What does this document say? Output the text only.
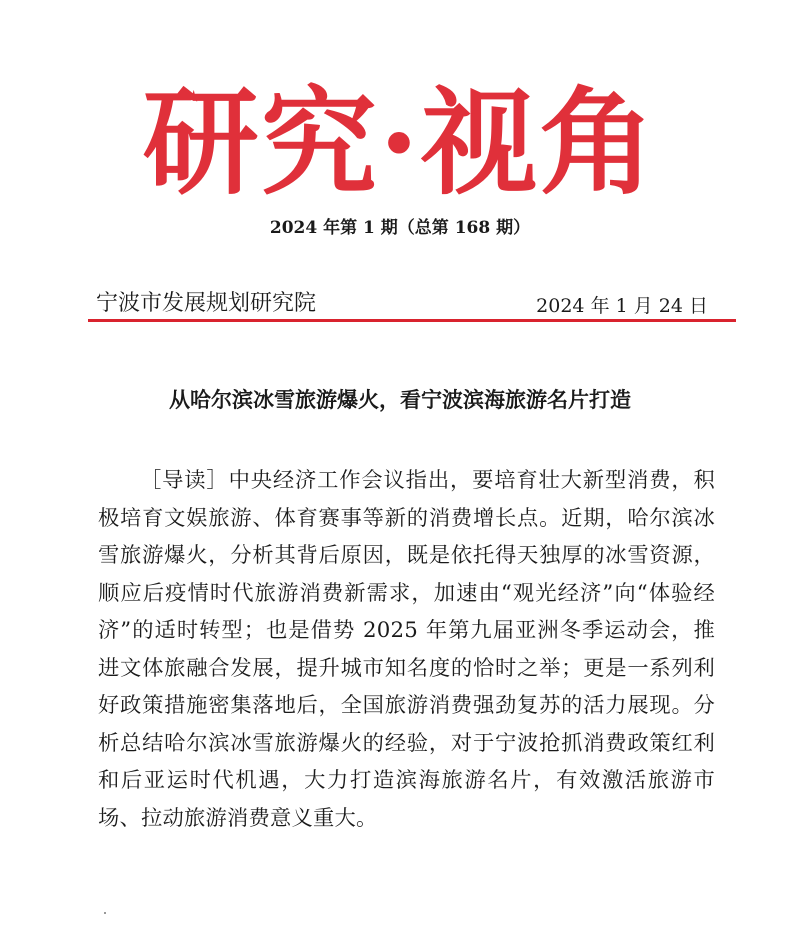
研究·视角
2024 年第 1 期（总第 168 期）
宁波市发展规划研究院	2024 年 1 月 24 日
从哈尔滨冰雪旅游爆火，看宁波滨海旅游名片打造
［导读］中央经济工作会议指出，要培育壮大新型消费，积极培育文娱旅游、体育赛事等新的消费增长点。近期，哈尔滨冰雪旅游爆火，分析其背后原因，既是依托得天独厚的冰雪资源，顺应后疫情时代旅游消费新需求，加速由“观光经济”向“体验经济”的适时转型；也是借势 2025 年第九届亚洲冬季运动会，推进文体旅融合发展，提升城市知名度的恰时之举；更是一系列利好政策措施密集落地后，全国旅游消费强劲复苏的活力展现。分析总结哈尔滨冰雪旅游爆火的经验，对于宁波抢抓消费政策红利和后亚运时代机遇，大力打造滨海旅游名片，有效激活旅游市场、拉动旅游消费意义重大。
